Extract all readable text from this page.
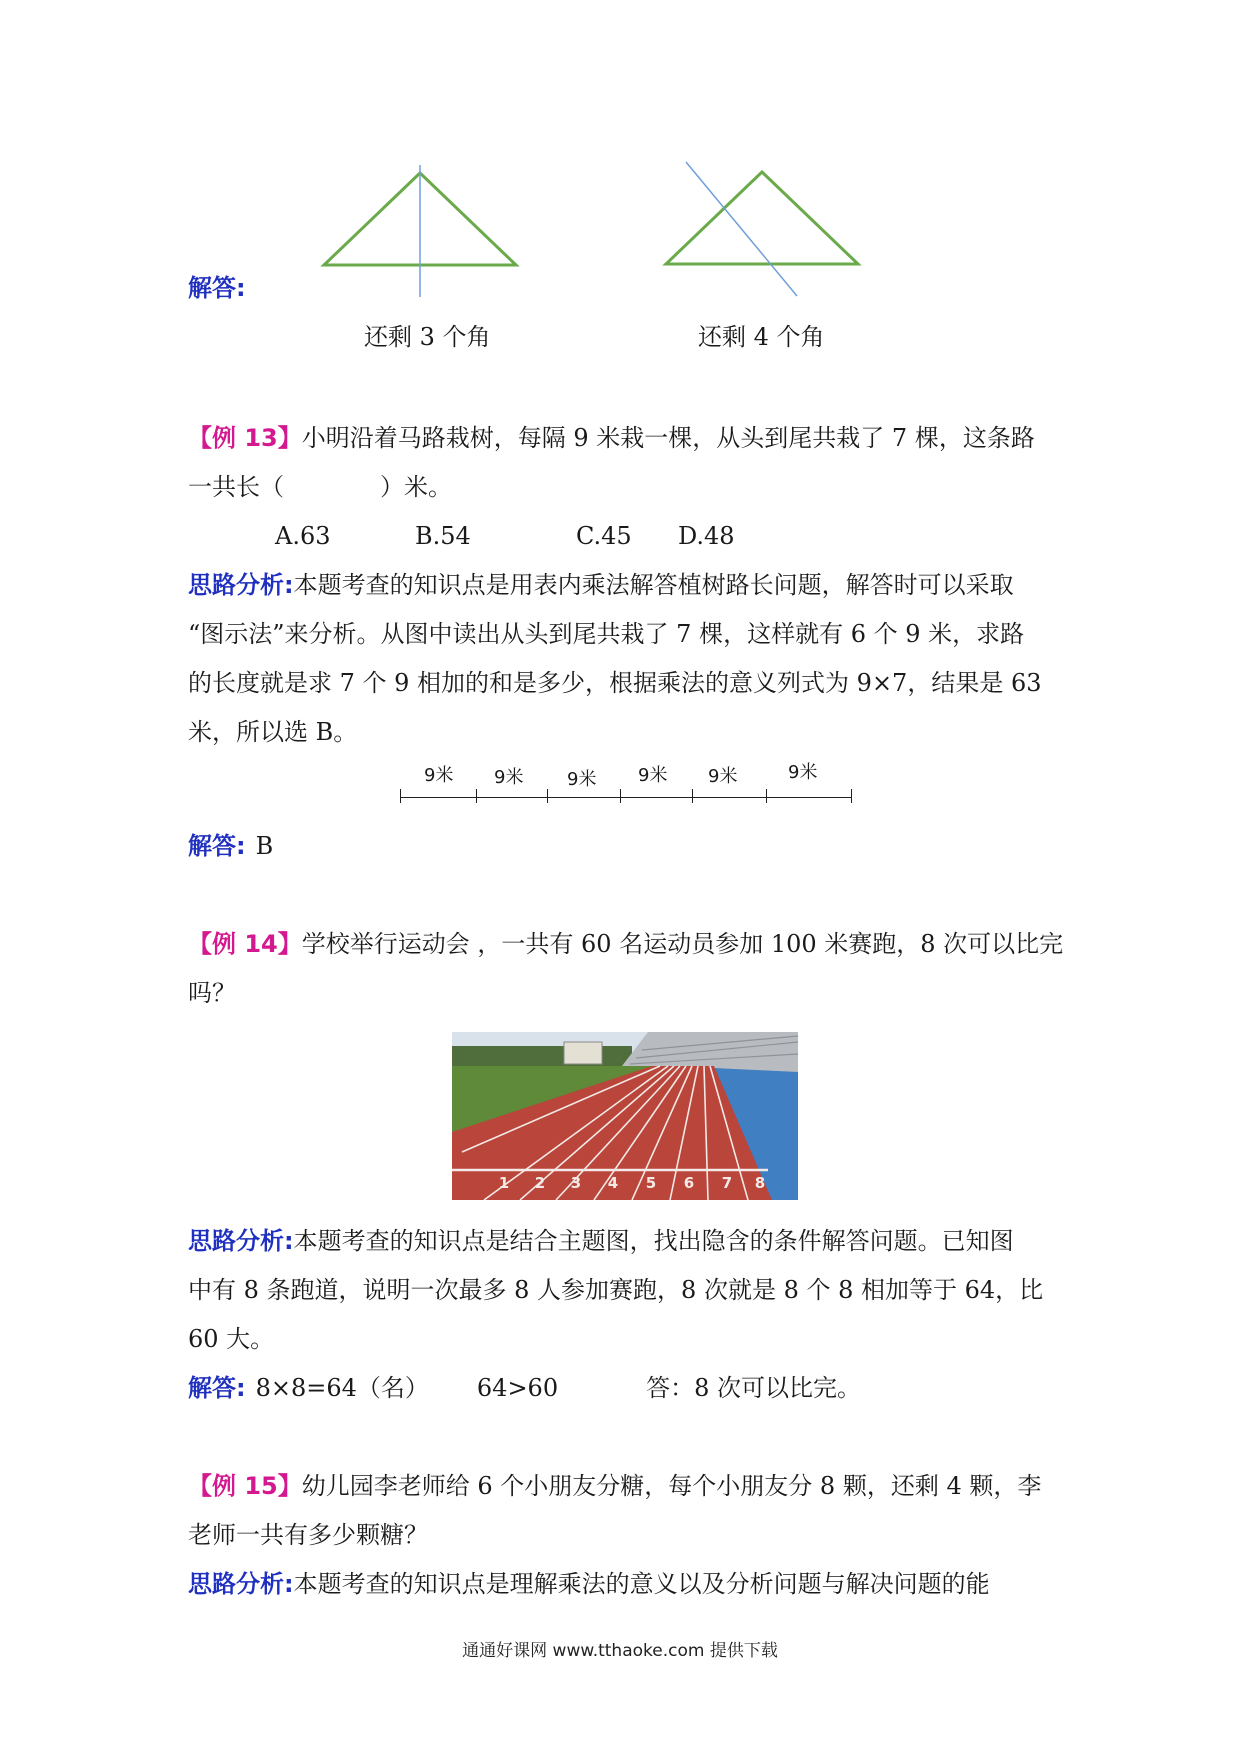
解答:
还剩 3 个角	还剩 4 个角
【例 13】小明沿着马路栽树，每隔 9 米栽一棵，从头到尾共栽了 7 棵，这条路
一共长（　　　　）米。
A.63	B.54	C.45 D.48
思路分析:本题考查的知识点是用表内乘法解答植树路长问题，解答时可以采取
“图示法”来分析。从图中读出从头到尾共栽了 7 棵，这样就有 6 个 9 米，求路
的长度就是求 7 个 9 相加的和是多少，根据乘法的意义列式为 9×7，结果是 63
米，所以选 B。
9米 9米 9米 9米 9米	9米
解答: B
【例 14】学校举行运动会 ，一共有 60 名运动员参加 100 米赛跑，8 次可以比完
吗？
1 2 3 4 5 6 7 8
思路分析:本题考查的知识点是结合主题图，找出隐含的条件解答问题。已知图
中有 8 条跑道，说明一次最多 8 人参加赛跑，8 次就是 8 个 8 相加等于 64，比
60 大。
解答: 8×8=64（名） 64>60	答：8 次可以比完。
【例 15】幼儿园李老师给 6 个小朋友分糖，每个小朋友分 8 颗，还剩 4 颗，李
老师一共有多少颗糖？
思路分析:本题考查的知识点是理解乘法的意义以及分析问题与解决问题的能
通通好课网 www.tthaoke.com 提供下载
